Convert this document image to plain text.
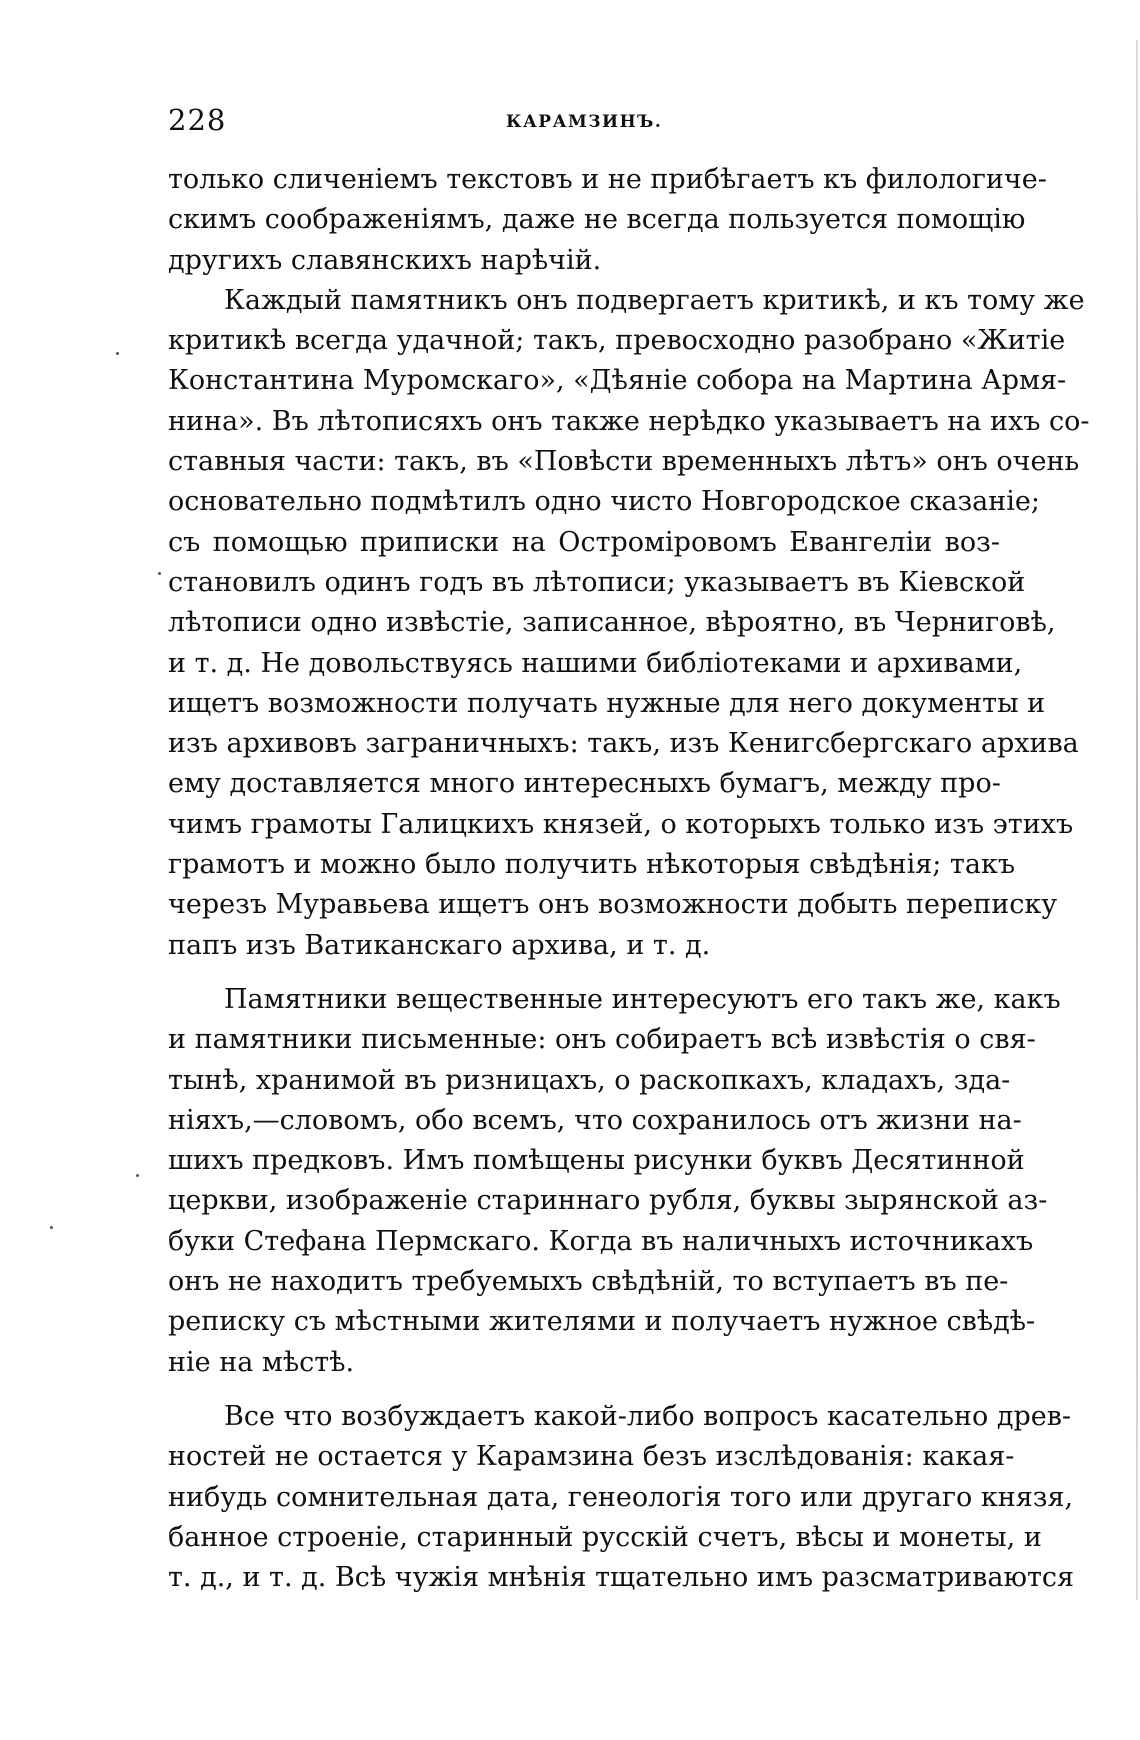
228	КАРАМЗИНЪ.
только сличеніемъ текстовъ и не прибѣгаетъ къ филологиче-
скимъ соображеніямъ, даже не всегда пользуется помощію
другихъ славянскихъ нарѣчій.
Каждый памятникъ онъ подвергаетъ критикѣ, и къ тому же
критикѣ всегда удачной; такъ, превосходно разобрано «Житіе
Константина Муромскаго», «Дѣяніе собора на Мартина Армя-
нина». Въ лѣтописяхъ онъ также нерѣдко указываетъ на ихъ со-
ставныя части: такъ, въ «Повѣсти временныхъ лѣтъ» онъ очень
основательно подмѣтилъ одно чисто Новгородское сказаніе;
съ помощью приписки на Остроміровомъ Евангеліи воз-
становилъ одинъ годъ въ лѣтописи; указываетъ въ Кіевской
лѣтописи одно извѣстіе, записанное, вѣроятно, въ Черниговѣ,
и т. д. Не довольствуясь нашими библіотеками и архивами,
ищетъ возможности получать нужные для него документы и
изъ архивовъ заграничныхъ: такъ, изъ Кенигсбергскаго архива
ему доставляется много интересныхъ бумагъ, между про-
чимъ грамоты Галицкихъ князей, о которыхъ только изъ этихъ
грамотъ и можно было получить нѣкоторыя свѣдѣнія; такъ
черезъ Муравьева ищетъ онъ возможности добыть переписку
папъ изъ Ватиканскаго архива, и т. д.
Памятники вещественные интересуютъ его такъ же, какъ
и памятники письменные: онъ собираетъ всѣ извѣстія о свя-
тынѣ, хранимой въ ризницахъ, о раскопкахъ, кладахъ, зда-
ніяхъ,—словомъ, обо всемъ, что сохранилось отъ жизни на-
шихъ предковъ. Имъ помѣщены рисунки буквъ Десятинной
церкви, изображеніе стариннаго рубля, буквы зырянской аз-
буки Стефана Пермскаго. Когда въ наличныхъ источникахъ
онъ не находитъ требуемыхъ свѣдѣній, то вступаетъ въ пе-
реписку съ мѣстными жителями и получаетъ нужное свѣдѣ-
ніе на мѣстѣ.
Все что возбуждаетъ какой-либо вопросъ касательно древ-
ностей не остается у Карамзина безъ изслѣдованія: какая-
нибудь сомнительная дата, генеологія того или другаго князя,
банное строеніе, старинный русскій счетъ, вѣсы и монеты, и
т. д., и т. д. Всѣ чужія мнѣнія тщательно имъ разсматриваются
